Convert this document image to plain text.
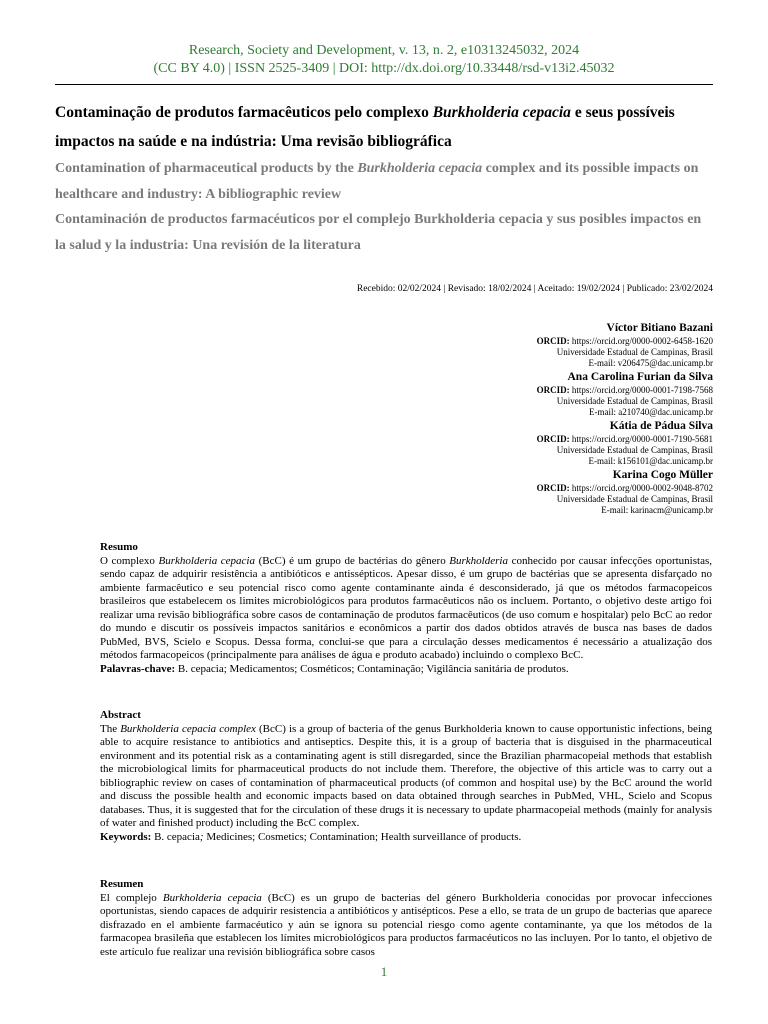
Research, Society and Development, v. 13, n. 2, e10313245032, 2024
(CC BY 4.0) | ISSN 2525-3409 | DOI: http://dx.doi.org/10.33448/rsd-v13i2.45032
Contaminação de produtos farmacêuticos pelo complexo Burkholderia cepacia e seus possíveis impactos na saúde e na indústria: Uma revisão bibliográfica
Contamination of pharmaceutical products by the Burkholderia cepacia complex and its possible impacts on healthcare and industry: A bibliographic review
Contaminación de productos farmacéuticos por el complejo Burkholderia cepacia y sus posibles impactos en la salud y la industria: Una revisión de la literatura
Recebido: 02/02/2024 | Revisado: 18/02/2024 | Aceitado: 19/02/2024 | Publicado: 23/02/2024
Víctor Bitiano Bazani
ORCID: https://orcid.org/0000-0002-6458-1620
Universidade Estadual de Campinas, Brasil
E-mail: v206475@dac.unicamp.br
Ana Carolina Furian da Silva
ORCID: https://orcid.org/0000-0001-7198-7568
Universidade Estadual de Campinas, Brasil
E-mail: a210740@dac.unicamp.br
Kátia de Pádua Silva
ORCID: https://orcid.org/0000-0001-7190-5681
Universidade Estadual de Campinas, Brasil
E-mail: k156101@dac.unicamp.br
Karina Cogo Müller
ORCID: https://orcid.org/0000-0002-9048-8702
Universidade Estadual de Campinas, Brasil
E-mail: karinacm@unicamp.br
Resumo
O complexo Burkholderia cepacia (BcC) é um grupo de bactérias do gênero Burkholderia conhecido por causar infecções oportunistas, sendo capaz de adquirir resistência a antibióticos e antissépticos. Apesar disso, é um grupo de bactérias que se apresenta disfarçado no ambiente farmacêutico e seu potencial risco como agente contaminante ainda é desconsiderado, já que os métodos farmacopeicos brasileiros que estabelecem os limites microbiológicos para produtos farmacêuticos não os incluem. Portanto, o objetivo deste artigo foi realizar uma revisão bibliográfica sobre casos de contaminação de produtos farmacêuticos (de uso comum e hospitalar) pelo BcC ao redor do mundo e discutir os possíveis impactos sanitários e econômicos a partir dos dados obtidos através de busca nas bases de dados PubMed, BVS, Scielo e Scopus. Dessa forma, conclui-se que para a circulação desses medicamentos é necessário a atualização dos métodos farmacopeicos (principalmente para análises de água e produto acabado) incluindo o complexo BcC.
Palavras-chave: B. cepacia; Medicamentos; Cosméticos; Contaminação; Vigilância sanitária de produtos.
Abstract
The Burkholderia cepacia complex (BcC) is a group of bacteria of the genus Burkholderia known to cause opportunistic infections, being able to acquire resistance to antibiotics and antiseptics. Despite this, it is a group of bacteria that is disguised in the pharmaceutical environment and its potential risk as a contaminating agent is still disregarded, since the Brazilian pharmacopeial methods that establish the microbiological limits for pharmaceutical products do not include them. Therefore, the objective of this article was to carry out a bibliographic review on cases of contamination of pharmaceutical products (of common and hospital use) by the BcC around the world and discuss the possible health and economic impacts based on data obtained through searches in PubMed, VHL, Scielo and Scopus databases. Thus, it is suggested that for the circulation of these drugs it is necessary to update pharmacopeial methods (mainly for analysis of water and finished product) including the BcC complex.
Keywords: B. cepacia; Medicines; Cosmetics; Contamination; Health surveillance of products.
Resumen
El complejo Burkholderia cepacia (BcC) es un grupo de bacterias del género Burkholderia conocidas por provocar infecciones oportunistas, siendo capaces de adquirir resistencia a antibióticos y antisépticos. Pese a ello, se trata de un grupo de bacterias que aparece disfrazado en el ambiente farmacéutico y aún se ignora su potencial riesgo como agente contaminante, ya que los métodos de la farmacopea brasileña que establecen los límites microbiológicos para productos farmacéuticos no las incluyen. Por lo tanto, el objetivo de este artículo fue realizar una revisión bibliográfica sobre casos
1
